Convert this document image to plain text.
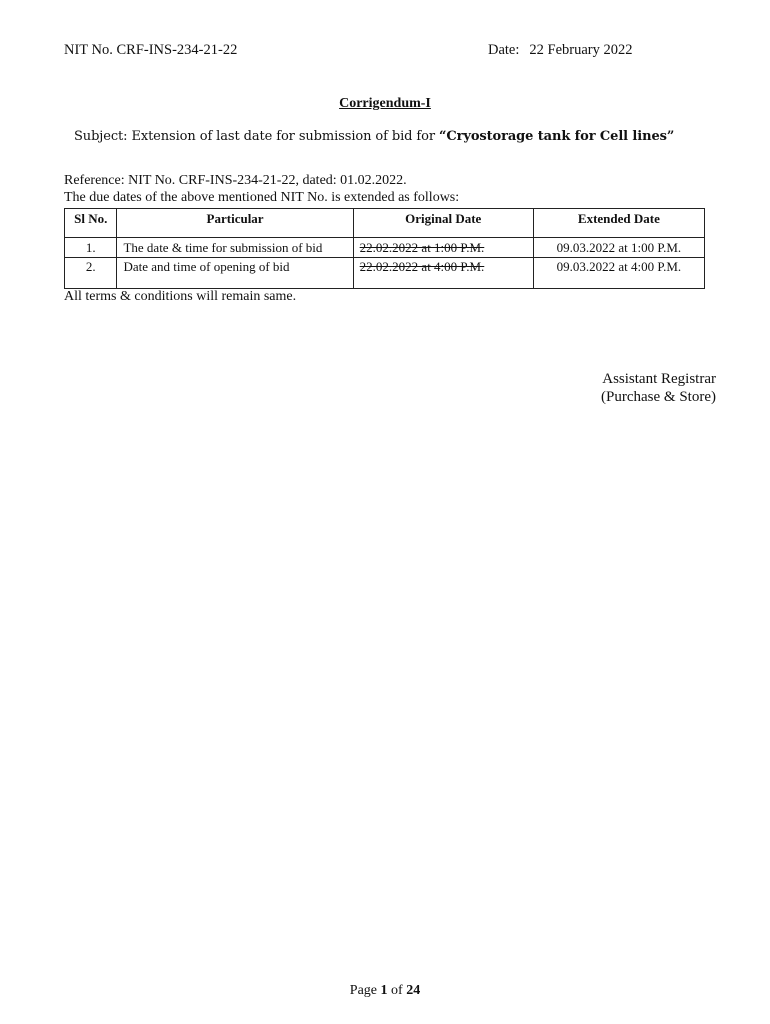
NIT No. CRF-INS-234-21-22	Date: 22 February 2022
Corrigendum-I
Subject: Extension of last date for submission of bid for “Cryostorage tank for Cell lines”
Reference: NIT No. CRF-INS-234-21-22, dated: 01.02.2022.
The due dates of the above mentioned NIT No. is extended as follows:
Sl No.	Particular	Original Date	Extended Date
1.	The date & time for submission of bid	22.02.2022 at 1:00 P.M.	09.03.2022 at 1:00 P.M.
2.	Date and time of opening of bid	22.02.2022 at 4:00 P.M.	09.03.2022 at 4:00 P.M.
All terms & conditions will remain same.
Assistant Registrar
(Purchase & Store)
Page 1 of 24
